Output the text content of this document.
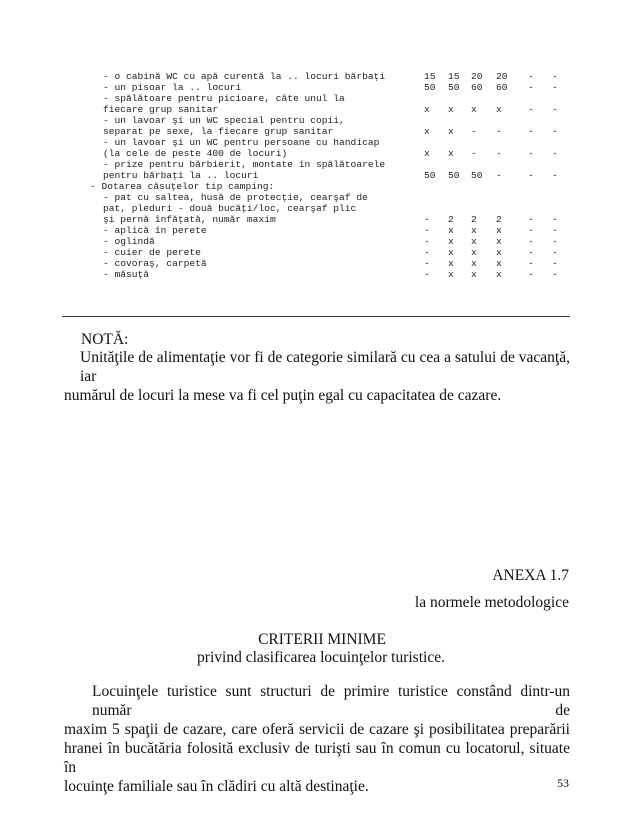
- o cabină WC cu apă curentă la .. locuri bărbaţi	15	15	20	20	-	-
- un pisoar la .. locuri	50	50	60	60	-	-
- spălătoare pentru picioare, câte unul la
fiecare grup sanitar	x	x	x	x	-	-
- un lavoar şi un WC special pentru copii,
separat pe sexe, la fiecare grup sanitar	x	x	-	-	-	-
- un lavoar şi un WC pentru persoane cu handicap
(la cele de peste 400 de locuri)	x	x	-	-	-	-
- prize pentru bărbierit, montate în spălătoarele
pentru bărbaţi la .. locuri	50	50	50	-	-	-
- Dotarea căsuţelor tip camping:
- pat cu saltea, husă de protecţie, cearşaf de
pat, pleduri - două bucăţi/loc, cearşaf plic
şi pernă înfăţată, număr maxim	-	2	2	2	-	-
- aplică în perete	-	x	x	x	-	-
- oglindă	-	x	x	x	-	-
- cuier de perete	-	x	x	x	-	-
- covoraş, carpetă	-	x	x	x	-	-
- măsuţă	-	x	x	x	-	-
NOTĂ:
Unităţile de alimentaţie vor fi de categorie similară cu cea a satului de vacanţă, iar
numărul de locuri la mese va fi cel puţin egal cu capacitatea de cazare.
ANEXA 1.7
la normele metodologice
CRITERII MINIME
privind clasificarea locuinţelor turistice.
Locuinţele turistice sunt structuri de primire turistice constând dintr-un număr de
maxim 5 spaţii de cazare, care oferă servicii de cazare şi posibilitatea preparării
hranei în bucătăria folosită exclusiv de turişti sau în comun cu locatorul, situate în
locuinţe familiale sau în clădiri cu altă destinaţie.	53
